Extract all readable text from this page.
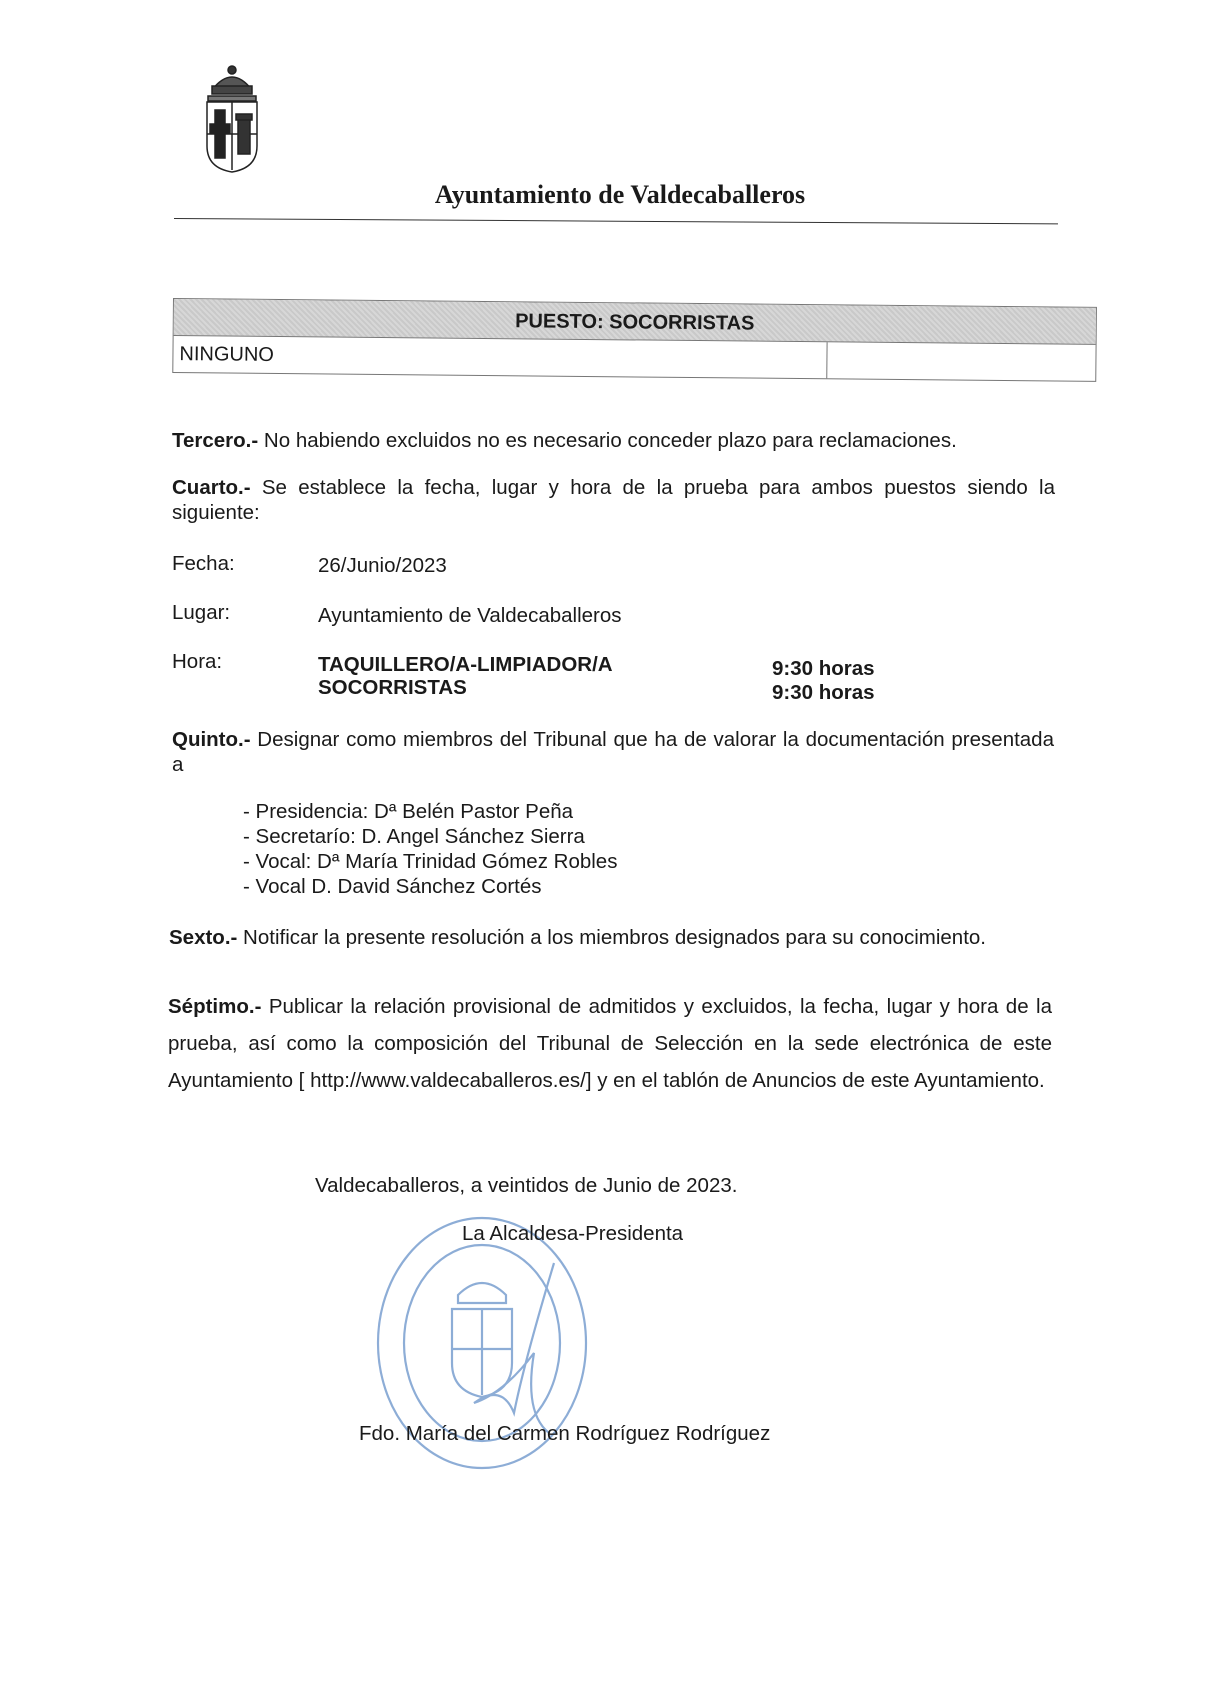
Ayuntamiento de Valdecaballeros
PUESTO: SOCORRISTAS
NINGUNO
Tercero.- No habiendo excluidos no es necesario conceder plazo para reclamaciones.
Cuarto.- Se establece la fecha, lugar y hora de la prueba para ambos puestos siendo la siguiente:
Fecha:	26/Junio/2023
Lugar:	Ayuntamiento de Valdecaballeros
Hora:	TAQUILLERO/A-LIMPIADOR/A	9:30 horas
SOCORRISTAS	9:30 horas
Quinto.- Designar como miembros del Tribunal que ha de valorar la documentación presentada a
- Presidencia: Dª Belén Pastor Peña
- Secretarío: D. Angel Sánchez Sierra
- Vocal: Dª María Trinidad Gómez Robles
- Vocal D. David Sánchez Cortés
Sexto.- Notificar la presente resolución a los miembros designados para su conocimiento.
Séptimo.- Publicar la relación provisional de admitidos y excluidos, la fecha, lugar y hora de la prueba, así como la composición del Tribunal de Selección en la sede electrónica de este Ayuntamiento [ http://www.valdecaballeros.es/] y en el tablón de Anuncios de este Ayuntamiento.
Valdecaballeros, a veintidos de Junio de 2023.
La Alcaldesa-Presidenta
Fdo. María del Carmen Rodríguez Rodríguez
